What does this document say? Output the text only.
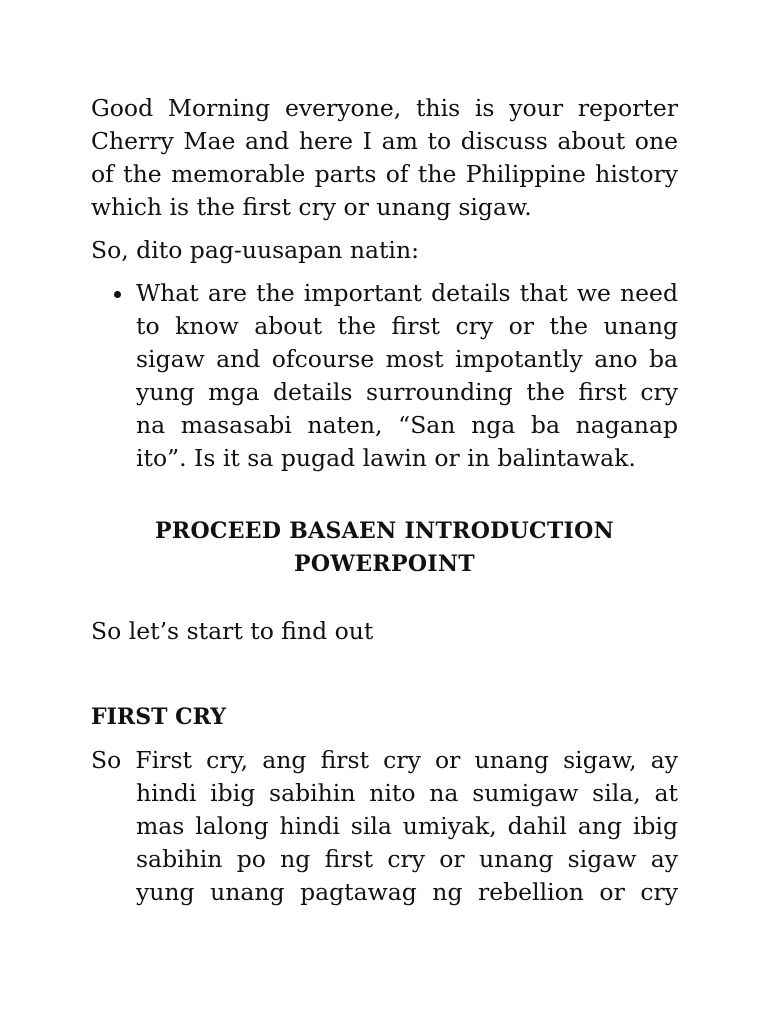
Good Morning everyone, this is your reporter Cherry Mae and here I am to discuss about one of the memorable parts of the Philippine history which is the first cry or unang sigaw.

So, dito pag-uusapan natin:

What are the important details that we need to know about the first cry or the unang sigaw and ofcourse most impotantly ano ba yung mga details surrounding the first cry na masasabi naten, “San nga ba naganap ito”. Is it sa pugad lawin or in balintawak.

PROCEED BASAEN INTRODUCTION POWERPOINT

So let’s start to find out

FIRST CRY

So First cry, ang first cry or unang sigaw, ay hindi ibig sabihin nito na sumigaw sila, at mas lalong hindi sila umiyak, dahil ang ibig sabihin po ng first cry or unang sigaw ay yung unang pagtawag ng rebellion or cry
